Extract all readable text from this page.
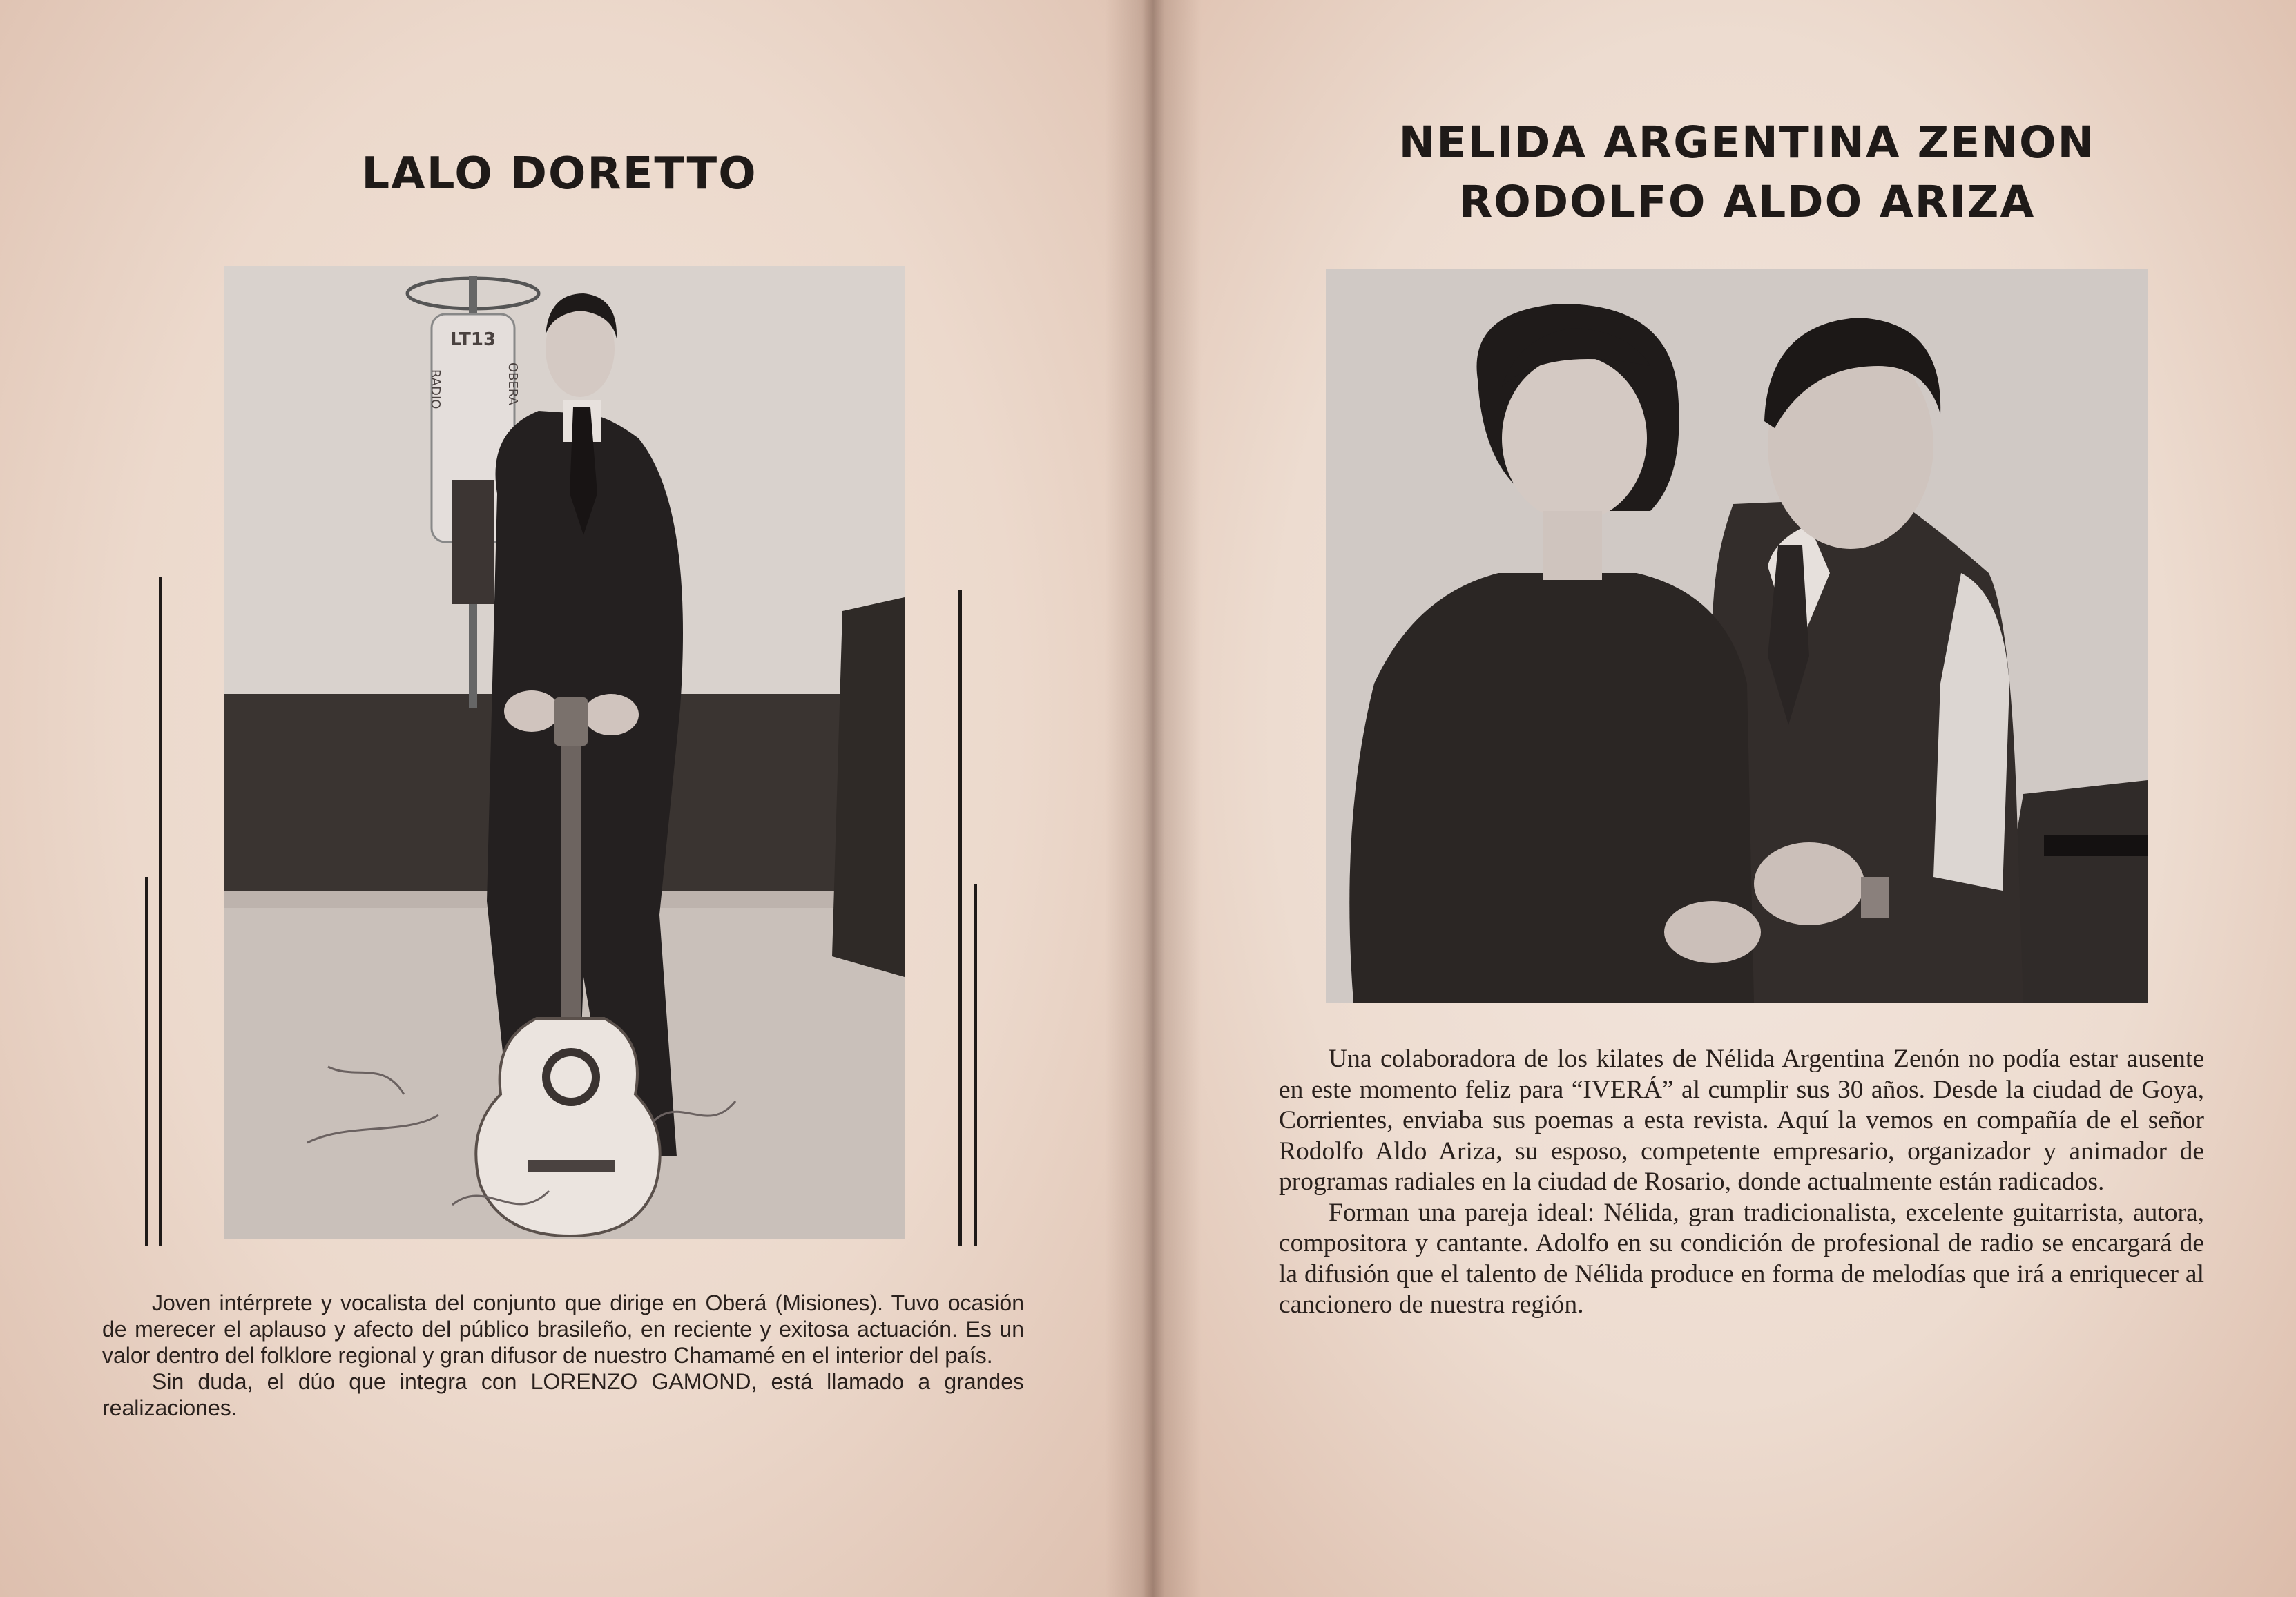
LALO DORETTO
LT13
RADIO	OBERA

Joven intérprete y vocalista del conjunto que dirige en Oberá (Misiones). Tuvo ocasión de merecer el aplauso y afecto del público brasileño, en reciente y exitosa actuación. Es un valor dentro del folklore regional y gran difusor de nuestro Chamamé en el interior del país.

Sin duda, el dúo que integra con LORENZO GAMOND, está llamado a grandes realizaciones.

NELIDA ARGENTINA ZENON
RODOLFO ALDO ARIZA

Una colaboradora de los kilates de Nélida Argentina Zenón no podía estar ausente en este momento feliz para “IVERÁ” al cumplir sus 30 años. Desde la ciudad de Goya, Corrientes, enviaba sus poemas a esta revista. Aquí la vemos en compañía de el señor Rodolfo Aldo Ariza, su esposo, competente empresario, organizador y animador de programas radiales en la ciudad de Rosario, donde actualmente están radicados.

Forman una pareja ideal: Nélida, gran tradicionalista, excelente guitarrista, autora, compositora y cantante. Adolfo en su condición de profesional de radio se encargará de la difusión que el talento de Nélida produce en forma de melodías que irá a enriquecer al cancionero de nuestra región.
